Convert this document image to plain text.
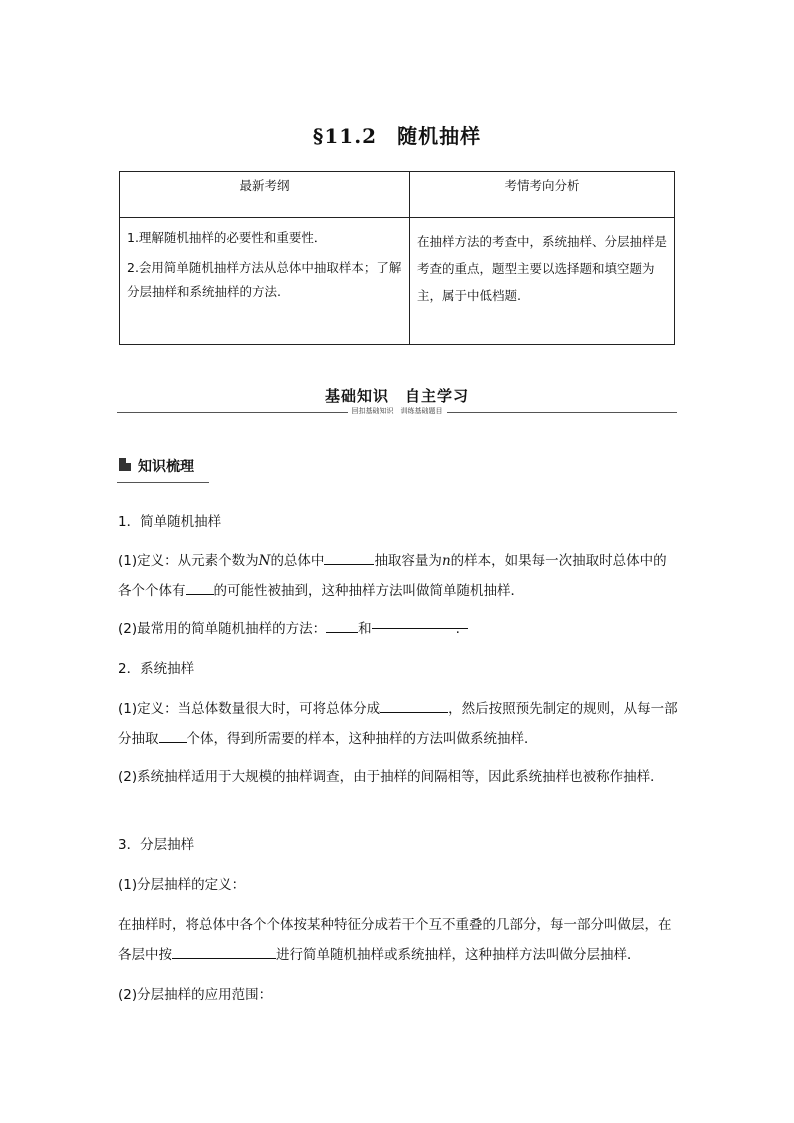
§11.2 随机抽样
最新考纲	考情考向分析

1.理解随机抽样的必要性和重要性．

2.会用简单随机抽样方法从总体中抽取样本；了解分层抽样和系统抽样的方法.	在抽样方法的考查中，系统抽样、分层抽样是考查的重点，题型主要以选择题和填空题为主，属于中低档题.
基础知识　自主学习
回扣基础知识　训练基础题目
知识梳理
1．简单随机抽样
(1)定义：从元素个数为N的总体中	抽取容量为n的样本，如果每一次抽取时总体中的各个个体有 的可能性被抽到，这种抽样方法叫做简单随机抽样．
(2)最常用的简单随机抽样的方法： 和	.
2．系统抽样
(1)定义：当总体数量很大时，可将总体分成	，然后按照预先制定的规则，从每一部分抽取 个体，得到所需要的样本，这种抽样的方法叫做系统抽样．
(2)系统抽样适用于大规模的抽样调查，由于抽样的间隔相等，因此系统抽样也被称作抽样．
3．分层抽样
(1)分层抽样的定义：
在抽样时，将总体中各个个体按某种特征分成若干个互不重叠的几部分，每一部分叫做层，在各层中按	进行简单随机抽样或系统抽样，这种抽样方法叫做分层抽样．
(2)分层抽样的应用范围：
